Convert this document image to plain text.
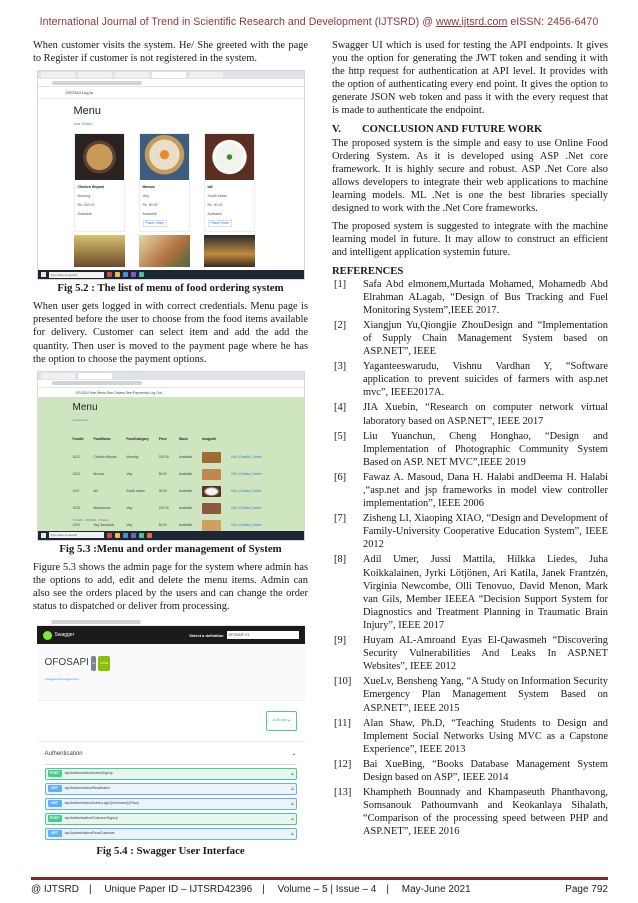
International Journal of Trend in Scientific Research and Development (IJTSRD) @ www.ijtsrd.com eISSN: 2456-6470

When customer visits the system. He/ She greeted with the page to Register if customer is not registered in the system.

OFOSUI Log in
Menu
Your Orders
Chicken Biryani
Morning
Rs. 200.00
Available
Momos
Veg
Rs. 50.00
Available
Place Order
Idli
South Indian
Rs. 30.00
Available
Place Order
Type here to search
Fig 5.2 : The list of menu of food ordering system

When user gets logged in with correct credentials. Menu page is presented before the user to choose from the food items available for delivery. Customer can select item and add the add the quantity. Then user is moved to the payment page where he has the option to choose the payment options.

OFOSUI See Menu See Orders See Payments Log Out
Menu
Create New
FoodId	FoodName	FoodCategory	Price	Stock	ImageUrl	
1022	Chicken Biryani	Morning	200.00	Available		Edit | Details | Delete
1023	Momos	Veg	50.00	Available		Edit | Details | Delete
1027	Idli	South Indian	30.00	Available		Edit | Details | Delete
1028	Manchurian	Veg	200.00	Available		Edit | Details | Delete
1029	Veg Sandwich	Veg	50.00	Available		Edit | Details | Delete

© 2021 - OFOSUI - Privacy
Type here to search
Fig 5.3 :Menu and order management of System

Figure 5.3 shows the admin page for the system where admin has the options to add, edit and delete the menu items. Admin can also see the orders placed by the users and can change the order status to dispatched or deliver from processing.

Swagger	Select a definition	OFOSAPI V1
OFOSAPI	v1	OAS3
/swagger/v1/swagger.json
Authorize 🔓︎
Authentication	⌄
POST	/api/Authentication/AdminSignUp	🔒︎
GET	/api/Authentication/ReadAdmin	🔒︎
GET	/api/Authentication/AdminLogin/{Username}/{Pass}	🔒︎
POST	/api/Authentication/CustomerSignUp	🔒︎
GET	/api/Authentication/ReadCustomer	🔒︎
Fig 5.4 : Swagger User Interface

Swagger UI which is used for testing the API endpoints. It gives you the option for generating the JWT token and sending it with the http request for authentication at API level. It provides with the option of authenticating every end point. It gives the option to generate JSON web token and pass it with the every request that is made to authenticate the endpoint.

V.	CONCLUSION AND FUTURE WORK

The proposed system is the simple and easy to use Online Food Ordering System. As it is developed using ASP .Net core framework. It is highly secure and robust. ASP .Net Core also allows developers to integrate their web applications to machine learning models. ML .Net is one the best libraries specially designed to work with the .Net Core frameworks.

The proposed system is suggested to integrate with the machine learning model in future. It may allow to construct an efficient and intelligent application systemin future.

REFERENCES
[1]	Safa Abd elmonem,Murtada Mohamed, Mohamedb Abd Elrahman ALagab, “Design of Bus Tracking and Fuel Monitoring System”,IEEE 2017.
[2]	Xiangjun Yu,Qiongjie ZhouDesign and “Implementation of Supply Chain Management System based on ASP.NET”, IEEE
[3]	Yaganteeswarudu, Vishnu Vardhan Y, “Software application to prevent suicides of farmers with asp.net mvc”, IEEE2017A.
[4]	JIA Xuebin, “Research on computer network virtual laboratory based on ASP.NET”, IEEE 2017
[5]	Liu Yuanchun, Cheng Honghao, “Design and Implementation of Photographic Community System Based on ASP. NET MVC”,IEEE 2019
[6]	Fawaz A. Masoud, Dana H. Halabi andDeema H. Halabi ,“asp.net and jsp frameworks in model view controller implementation”, IEEE 2006
[7]	Zisheng LI, Xiaoping XIAO, “Design and Development of Family-University Cooperative Education System”, IEEE 2012
[8]	Adil Umer, Jussi Mattila, Hilkka Liedes, Juha Koikkalainen, Jyrki Lötjönen, Ari Katila, Janek Frantzén, Virginia Newcombe, Olli Tenovuo, David Menon, Mark van Gils, Member IEEEA “Decision Support System for Diagnostics and Treatment Planning in Traumatic Brain Injury”, IEEE 2017
[9]	Huyam AL-Amroand Eyas El-Qawasmeh “Discovering Security Vulnerabilities And Leaks In ASP.NET Websites”, IEEE 2012
[10]	XueLv, Bensheng Yang, “A Study on Information Security Emergency Plan Management System Based on ASP.NET”, IEEE 2015
[11]	Alan Shaw, Ph.D, “Teaching Students to Design and Implement Social Networks Using MVC as a Capstone Experience”, IEEE 2013
[12]	Bai XueBing, “Books Database Management System Design based on ASP”, IEEE 2014
[13]	Khampheth Bounnady and Khampaseuth Phanthavong, Somsanouk Pathoumvanh and Keokanlaya Sihalath, “Comparison of the processing speed between PHP and ASP.NET”, IEEE 2016
@ IJTSRD | Unique Paper ID – IJTSRD42396 | Volume – 5 | Issue – 4 | May-June 2021	Page 792
